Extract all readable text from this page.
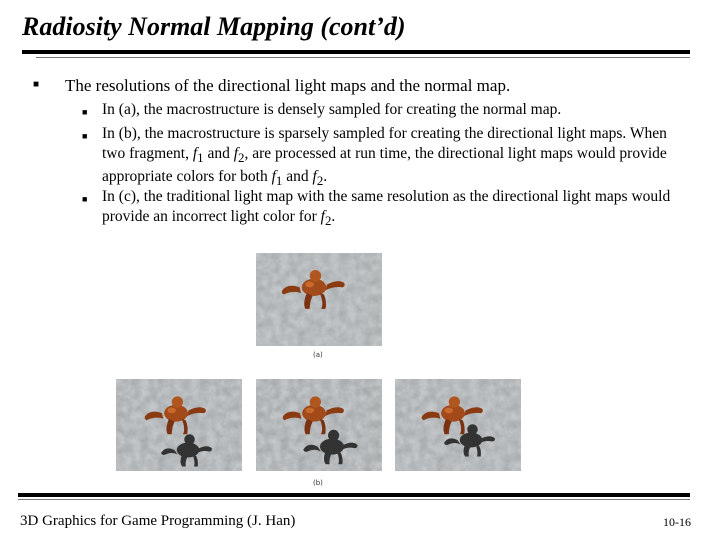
Radiosity Normal Mapping (cont’d)
■ The resolutions of the directional light maps and the normal map.
■ In (a), the macrostructure is densely sampled for creating the normal map.
■ In (b), the macrostructure is sparsely sampled for creating the directional light maps. When two fragment, $f_1$ and $f_2$, are processed at run time, the directional light maps would provide appropriate colors for both $f_1$ and $f_2$.
■ In (c), the traditional light map with the same resolution as the directional light maps would provide an incorrect light color for $f_2$.
(a)
(b)
3D Graphics for Game Programming (J. Han)	10-16
